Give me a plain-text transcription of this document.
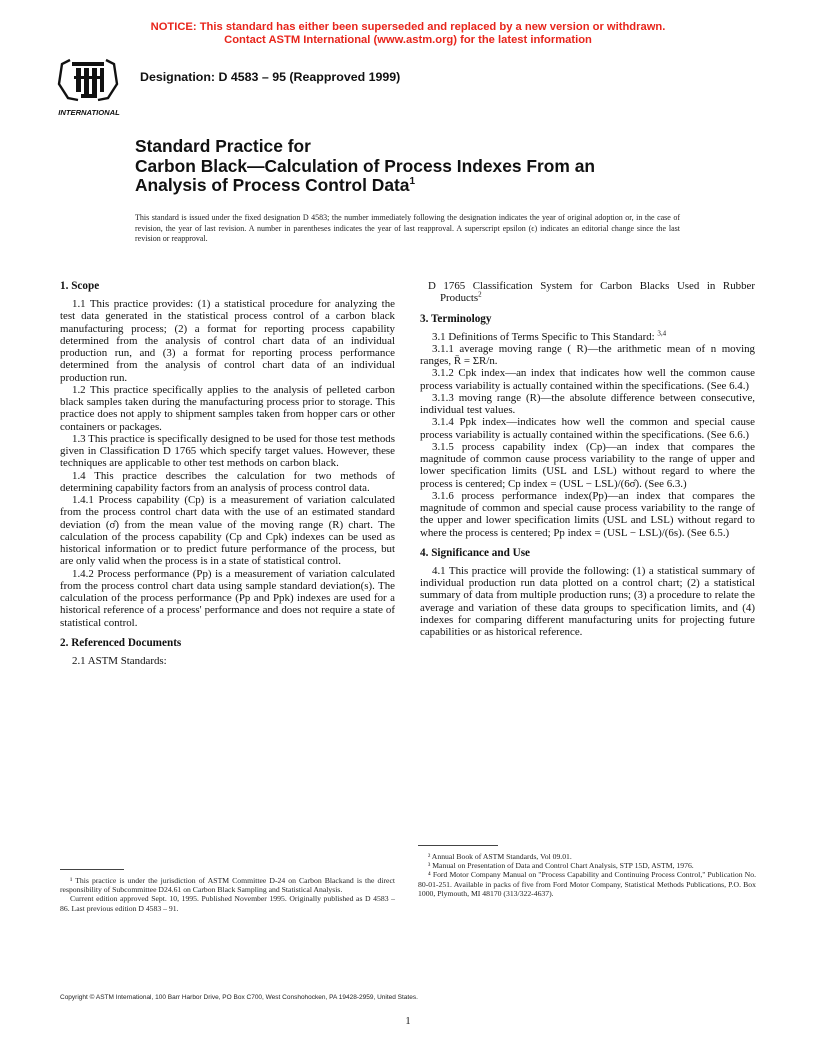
NOTICE: This standard has either been superseded and replaced by a new version or withdrawn.
Contact ASTM International (www.astm.org) for the latest information
INTERNATIONAL
Designation: D 4583 – 95 (Reapproved 1999)
Standard Practice for
Carbon Black—Calculation of Process Indexes From an
Analysis of Process Control Data$^1$
This standard is issued under the fixed designation D 4583; the number immediately following the designation indicates the year of original adoption or, in the case of revision, the year of last revision. A number in parentheses indicates the year of last reapproval. A superscript epsilon (ϵ) indicates an editorial change since the last revision or reapproval.
1. Scope

1.1 This practice provides: (1) a statistical procedure for analyzing the test data generated in the statistical process control of a carbon black manufacturing process; (2) a format for reporting process capability determined from the analysis of control chart data of an individual production run, and (3) a format for reporting process performance determined from the analysis of control chart data of an individual production run.

1.2 This practice specifically applies to the analysis of pelleted carbon black samples taken during the manufacturing process prior to storage. This practice does not apply to shipment samples taken from hopper cars or other containers or packages.

1.3 This practice is specifically designed to be used for those test methods given in Classification D 1765 which specify target values. However, these techniques are applicable to other test methods on carbon black.

1.4 This practice describes the calculation for two methods of determining capability factors from an analysis of process control data.

1.4.1 Process capability (Cp) is a measurement of variation calculated from the process control chart data with the use of an estimated standard deviation (σ̂) from the mean value of the moving range (R) chart. The calculation of the process capability (Cp and Cpk) indexes can be used as historical information or to predict future performance of the process, but are only valid when the process is in a state of statistical control.

1.4.2 Process performance (Pp) is a measurement of variation calculated from the process control chart data using sample standard deviation(s). The calculation of the process performance (Pp and Ppk) indexes are used for a historical reference of a process' performance and does not require a state of statistical control.

2. Referenced Documents

2.1 ASTM Standards:

D 1765 Classification System for Carbon Blacks Used in Rubber Products$^2$

3. Terminology

3.1 Definitions of Terms Specific to This Standard: $^{3,4}$

3.1.1 average moving range ( R)—the arithmetic mean of n moving ranges, R̄ = ΣR/n.

3.1.2 Cpk index—an index that indicates how well the common cause process variability is actually contained within the specifications. (See 6.4.)

3.1.3 moving range (R)—the absolute difference between consecutive, individual test values.

3.1.4 Ppk index—indicates how well the common and special cause process variability is actually contained within the specifications. (See 6.6.)

3.1.5 process capability index (Cp)—an index that compares the magnitude of common cause process variability to the range of upper and lower specification limits (USL and LSL) without regard to where the process is centered; Cp index = (USL − LSL)/(6σ̂). (See 6.3.)

3.1.6 process performance index(Pp)—an index that compares the magnitude of common and special cause process variability to the range of the upper and lower specification limits (USL and LSL) without regard to where the process is centered; Pp index = (USL − LSL)/(6s). (See 6.5.)

4. Significance and Use

4.1 This practice will provide the following: (1) a statistical summary of individual production run data plotted on a control chart; (2) a statistical summary of data from multiple production runs; (3) a procedure to relate the average and variation of these data groups to specification limits, and (4) indexes for comparing different manufacturing units for projecting future capabilities or as historical reference.

¹ This practice is under the jurisdiction of ASTM Committee D-24 on Carbon Blackand is the direct responsibility of Subcommittee D24.61 on Carbon Black Sampling and Statistical Analysis.

Current edition approved Sept. 10, 1995. Published November 1995. Originally published as D 4583 – 86. Last previous edition D 4583 – 91.

² Annual Book of ASTM Standards, Vol 09.01.

³ Manual on Presentation of Data and Control Chart Analysis, STP 15D, ASTM, 1976.

⁴ Ford Motor Company Manual on "Process Capability and Continuing Process Control," Publication No. 80-01-251. Available in packs of five from Ford Motor Company, Statistical Methods Publications, P.O. Box 1000, Plymouth, MI 48170 (313/322-4637).

Copyright © ASTM International, 100 Barr Harbor Drive, PO Box C700, West Conshohocken, PA 19428-2959, United States.
1
